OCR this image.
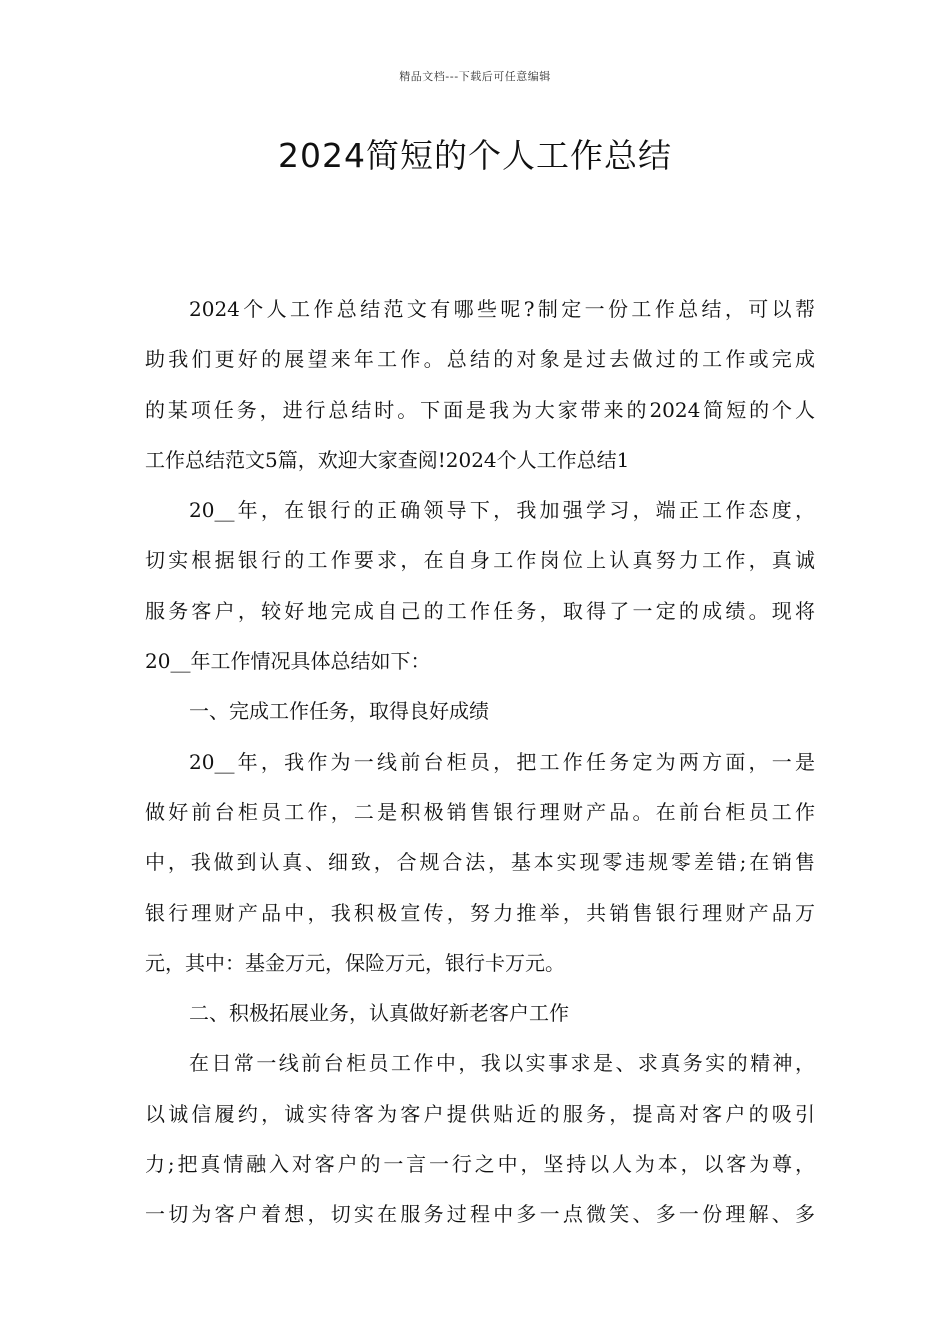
精品文档---下载后可任意编辑
2024简短的个人工作总结
2024个人工作总结范文有哪些呢?制定一份工作总结，可以帮
助我们更好的展望来年工作。总结的对象是过去做过的工作或完成
的某项任务，进行总结时。下面是我为大家带来的2024简短的个人
工作总结范文5篇，欢迎大家查阅!2024个人工作总结1
20__年，在银行的正确领导下，我加强学习，端正工作态度，
切实根据银行的工作要求，在自身工作岗位上认真努力工作，真诚
服务客户，较好地完成自己的工作任务，取得了一定的成绩。现将
20__年工作情况具体总结如下：
一、完成工作任务，取得良好成绩
20__年，我作为一线前台柜员，把工作任务定为两方面，一是
做好前台柜员工作，二是积极销售银行理财产品。在前台柜员工作
中，我做到认真、细致，合规合法，基本实现零违规零差错;在销售
银行理财产品中，我积极宣传，努力推举，共销售银行理财产品万
元，其中：基金万元，保险万元，银行卡万元。
二、积极拓展业务，认真做好新老客户工作
在日常一线前台柜员工作中，我以实事求是、求真务实的精神，
以诚信履约，诚实待客为客户提供贴近的服务，提高对客户的吸引
力;把真情融入对客户的一言一行之中，坚持以人为本，以客为尊，
一切为客户着想，切实在服务过程中多一点微笑、多一份理解、多
